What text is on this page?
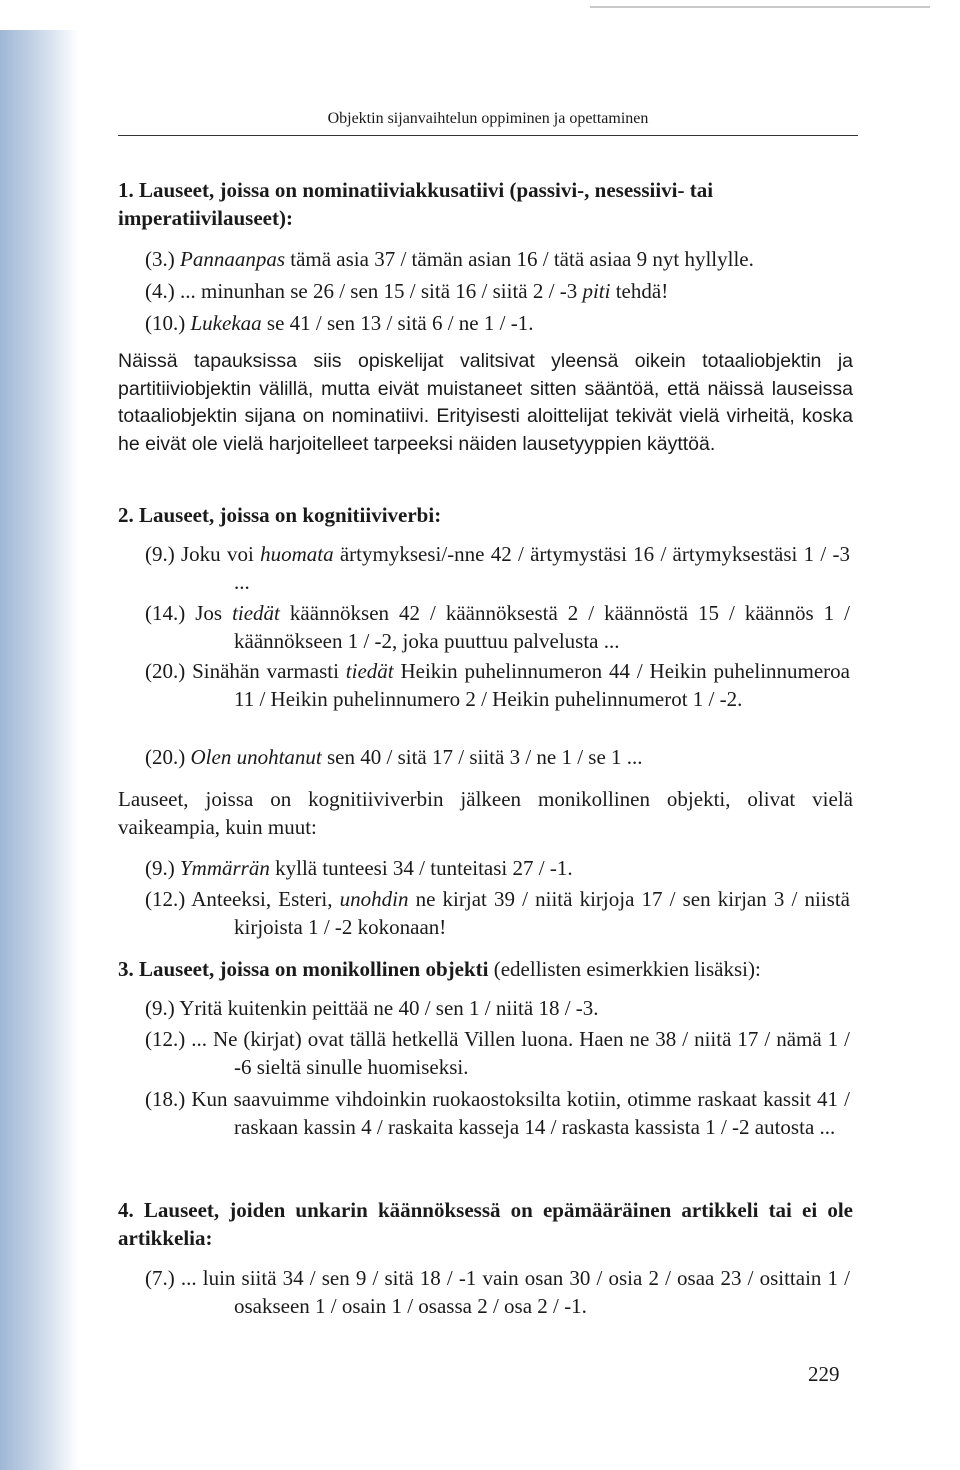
Objektin sijanvaihtelun oppiminen ja opettaminen
1. Lauseet, joissa on nominatiiviakkusatiivi (passivi-, nesessiivi- tai imperatiivilauseet):
(3.) Pannaanpas tämä asia 37 / tämän asian 16 / tätä asiaa 9 nyt hyllylle.
(4.) ... minunhan se 26 / sen 15 / sitä 16 / siitä 2 / -3 piti tehdä!
(10.) Lukekaa se 41 / sen 13 / sitä 6 / ne 1 / -1.
Näissä tapauksissa siis opiskelijat valitsivat yleensä oikein totaaliobjektin ja partitiiviobjektin välillä, mutta eivät muistaneet sitten sääntöä, että näissä lauseissa totaaliobjektin sijana on nominatiivi. Erityisesti aloittelijat tekivät vielä virheitä, koska he eivät ole vielä harjoitelleet tarpeeksi näiden lausetyyppien käyttöä.
2. Lauseet, joissa on kognitiiviverbi:
(9.) Joku voi huomata ärtymyksesi/-nne 42 / ärtymystäsi 16 / ärtymyksestäsi 1 / -3 ...
(14.) Jos tiedät käännöksen 42 / käännöksestä 2 / käännöstä 15 / käännös 1 / käännökseen 1 / -2, joka puuttuu palvelusta ...
(20.) Sinähän varmasti tiedät Heikin puhelinnumeron 44 / Heikin puhelinnumeroa 11 / Heikin puhelinnumero 2 / Heikin puhelinnumerot 1 / -2.
(20.) Olen unohtanut sen 40 / sitä 17 / siitä 3 / ne 1 / se 1 ...
Lauseet, joissa on kognitiiviverbin jälkeen monikollinen objekti, olivat vielä vaikeampia, kuin muut:
(9.) Ymmärrän kyllä tunteesi 34 / tunteitasi 27 / -1.
(12.) Anteeksi, Esteri, unohdin ne kirjat 39 / niitä kirjoja 17 / sen kirjan 3 / niistä kirjoista 1 / -2 kokonaan!
3. Lauseet, joissa on monikollinen objekti (edellisten esimerkkien lisäksi):
(9.) Yritä kuitenkin peittää ne 40 / sen 1 / niitä 18 / -3.
(12.) ... Ne (kirjat) ovat tällä hetkellä Villen luona. Haen ne 38 / niitä 17 / nämä 1 / -6 sieltä sinulle huomiseksi.
(18.) Kun saavuimme vihdoinkin ruokaostoksilta kotiin, otimme raskaat kassit 41 / raskaan kassin 4 / raskaita kasseja 14 / raskasta kassista 1 / -2 autosta ...
4. Lauseet, joiden unkarin käännöksessä on epämääräinen artikkeli tai ei ole artikkelia:
(7.) ... luin siitä 34 / sen 9 / sitä 18 / -1 vain osan 30 / osia 2 / osaa 23 / osittain 1 / osakseen 1 / osain 1 / osassa 2 / osa 2 / -1.
229
